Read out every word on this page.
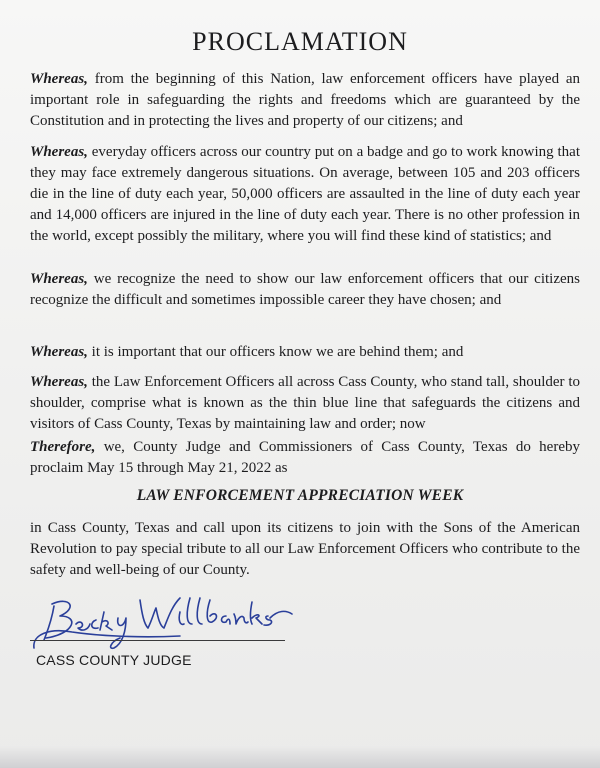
PROCLAMATION

Whereas, from the beginning of this Nation, law enforcement officers have played an important role in safeguarding the rights and freedoms which are guaranteed by the Constitution and in protecting the lives and property of our citizens; and

Whereas, everyday officers across our country put on a badge and go to work knowing that they may face extremely dangerous situations. On average, between 105 and 203 officers die in the line of duty each year, 50,000 officers are assaulted in the line of duty each year and 14,000 officers are injured in the line of duty each year. There is no other profession in the world, except possibly the military, where you will find these kind of statistics; and

Whereas, we recognize the need to show our law enforcement officers that our citizens recognize the difficult and sometimes impossible career they have chosen; and

Whereas, it is important that our officers know we are behind them; and

Whereas, the Law Enforcement Officers all across Cass County, who stand tall, shoulder to shoulder, comprise what is known as the thin blue line that safeguards the citizens and visitors of Cass County, Texas by maintaining law and order; now

Therefore, we, County Judge and Commissioners of Cass County, Texas do hereby proclaim May 15 through May 21, 2022 as

LAW ENFORCEMENT APPRECIATION WEEK

in Cass County, Texas and call upon its citizens to join with the Sons of the American Revolution to pay special tribute to all our Law Enforcement Officers who contribute to the safety and well-being of our County.

Becky Wilbanks
CASS COUNTY JUDGE
